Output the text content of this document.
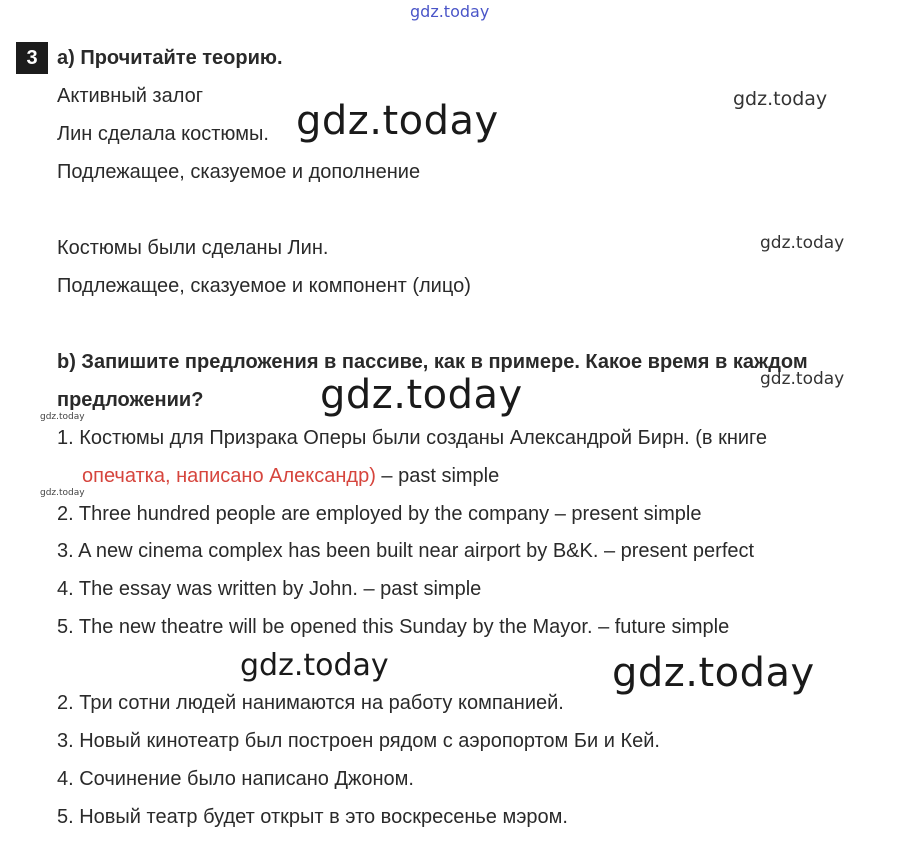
gdz.today
gdz.today
gdz.today
gdz.today
gdz.today
gdz.today
gdz.today
gdz.today
gdz.today	gdz.today
3 a) Прочитайте теорию.
Активный залог
Лин сделала костюмы.
Подлежащее, сказуемое и дополнение
Костюмы были сделаны Лин.
Подлежащее, сказуемое и компонент (лицо)
b) Запишите предложения в пассиве, как в примере. Какое время в каждом
предложении?
1. Костюмы для Призрака Оперы были созданы Александрой Бирн. (в книге
опечатка, написано Александр) – past simple
2. Three hundred people are employed by the company – present simple
3. A new cinema complex has been built near airport by B&K. – present perfect
4. The essay was written by John. – past simple
5. The new theatre will be opened this Sunday by the Mayor. – future simple
2. Три сотни людей нанимаются на работу компанией.
3. Новый кинотеатр был построен рядом с аэропортом Би и Кей.
4. Сочинение было написано Джоном.
5. Новый театр будет открыт в это воскресенье мэром.
